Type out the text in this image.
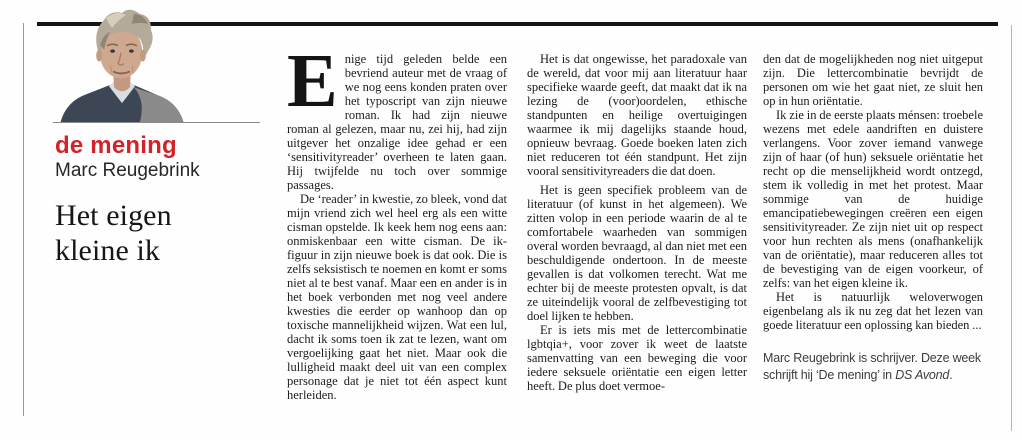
de mening
Marc Reugebrink
Het eigen kleine ik

Enige tijd geleden belde een bevriend auteur met de vraag of we nog eens konden praten over het typoscript van zijn nieuwe roman. Ik had zijn nieuwe roman al gelezen, maar nu, zei hij, had zijn uitgever het onzalige idee gehad er een ‘sensitivityreader’ overheen te laten gaan. Hij twijfelde nu toch over sommige passages.

De ‘reader’ in kwestie, zo bleek, vond dat mijn vriend zich wel heel erg als een witte cisman opstelde. Ik keek hem nog eens aan: onmiskenbaar een witte cisman. De ik-figuur in zijn nieuwe boek is dat ook. Die is zelfs seksistisch te noemen en komt er soms niet al te best vanaf. Maar een en ander is in het boek verbonden met nog veel andere kwesties die eerder op wanhoop dan op toxische mannelijkheid wijzen. Wat een lul, dacht ik soms toen ik zat te lezen, want om vergoelijking gaat het niet. Maar ook die lulligheid maakt deel uit van een complex personage dat je niet tot één aspect kunt herleiden.

Het is dat ongewisse, het paradoxale van de wereld, dat voor mij aan literatuur haar specifieke waarde geeft, dat maakt dat ik na lezing de (voor)oordelen, ethische standpunten en heilige overtuigingen waarmee ik mij dagelijks staande houd, opnieuw bevraag. Goede boeken laten zich niet reduceren tot één standpunt. Het zijn vooral sensitivityreaders die dat doen.

Het is geen specifiek probleem van de literatuur (of kunst in het algemeen). We zitten volop in een periode waarin de al te comfortabele waarheden van sommigen overal worden bevraagd, al dan niet met een beschuldigende ondertoon. In de meeste gevallen is dat volkomen terecht. Wat me echter bij de meeste protesten opvalt, is dat ze uiteindelijk vooral de zelfbevestiging tot doel lijken te hebben.

Er is iets mis met de lettercombinatie lgbtqia+, voor zover ik weet de laatste samenvatting van een beweging die voor iedere seksuele oriëntatie een eigen letter heeft. De plus doet vermoe-

den dat de mogelijkheden nog niet uitgeput zijn. Die lettercombinatie bevrijdt de personen om wie het gaat niet, ze sluit hen op in hun oriëntatie.

Ik zie in de eerste plaats ménsen: troebele wezens met edele aandriften en duistere verlangens. Voor zover iemand vanwege zijn of haar (of hun) seksuele oriëntatie het recht op die menselijkheid wordt ontzegd, stem ik volledig in met het protest. Maar sommige van de huidige emancipatiebewegingen creëren een eigen sensitivityreader. Ze zijn niet uit op respect voor hun rechten als mens (onafhankelijk van de oriëntatie), maar reduceren alles tot de bevestiging van de eigen voorkeur, of zelfs: van het eigen kleine ik.

Het is natuurlijk weloverwogen eigenbelang als ik nu zeg dat het lezen van goede literatuur een oplossing kan bieden ...

Marc Reugebrink is schrijver. Deze week schrijft hij ‘De mening’ in DS Avond.
